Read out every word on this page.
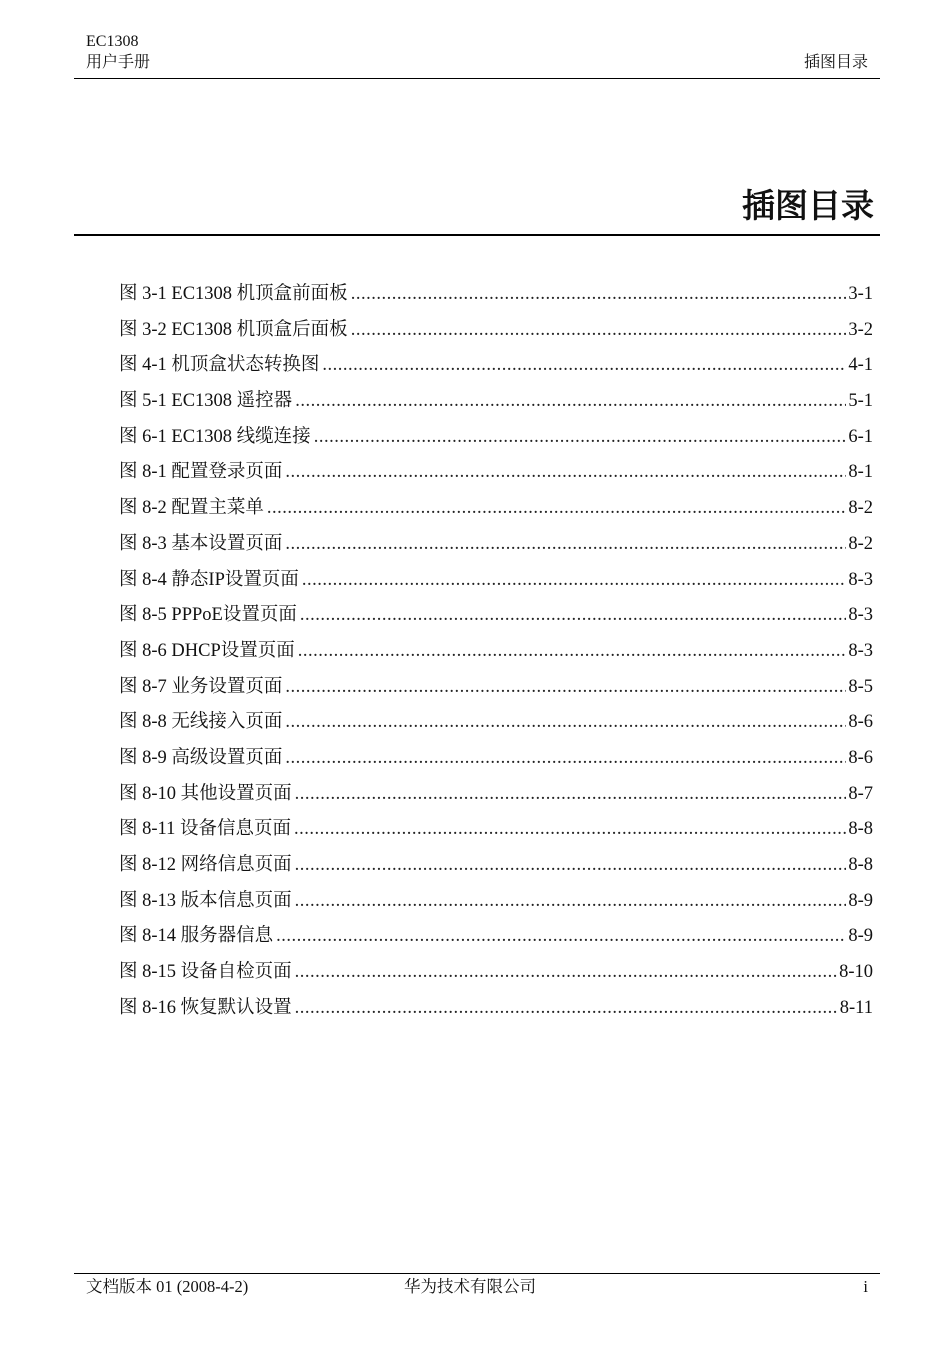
EC1308
用户手册	插图目录
插图目录
图 3-1 EC1308 机顶盒前面板 .....	3-1
图 3-2 EC1308 机顶盒后面板 .....	3-2
图 4-1 机顶盒状态转换图 .....	4-1
图 5-1 EC1308 遥控器 .....	5-1
图 6-1 EC1308 线缆连接 .....	6-1
图 8-1 配置登录页面 .....	8-1
图 8-2 配置主菜单 .....	8-2
图 8-3 基本设置页面 .....	8-2
图 8-4 静态IP设置页面 .....	8-3
图 8-5 PPPoE设置页面 .....	8-3
图 8-6 DHCP设置页面 .....	8-3
图 8-7 业务设置页面 .....	8-5
图 8-8 无线接入页面 .....	8-6
图 8-9 高级设置页面 .....	8-6
图 8-10 其他设置页面 .....	8-7
图 8-11 设备信息页面 .....	8-8
图 8-12 网络信息页面 .....	8-8
图 8-13 版本信息页面 .....	8-9
图 8-14 服务器信息 .....	8-9
图 8-15 设备自检页面 .....	8-10
图 8-16 恢复默认设置 .....	8-11
文档版本 01 (2008-4-2)	华为技术有限公司	i
